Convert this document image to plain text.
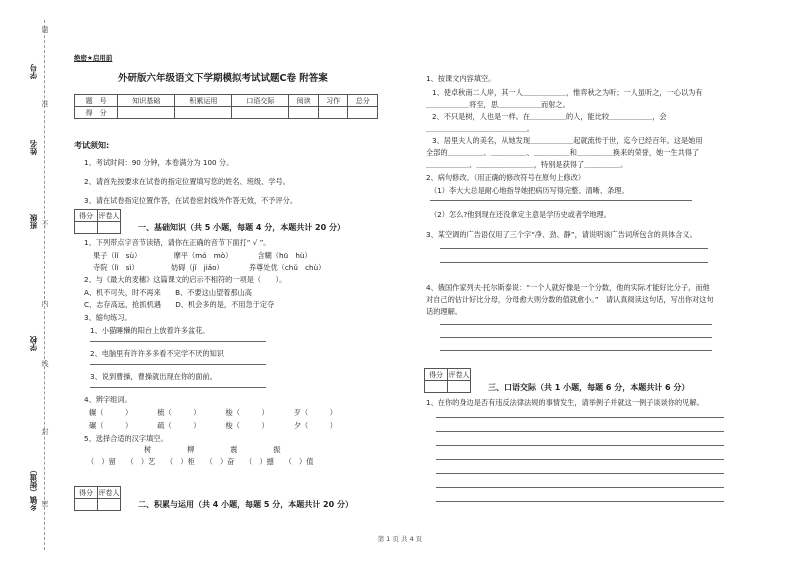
学号
姓名
班级
学校
乡镇（街道）
题
准
不
内
线
封
密
绝密★启用前
外研版六年级语文下学期模拟考试试题C卷 附答案
题　号	知识基础	积累运用	口语交际	阅读	习作	总分
得　分						
考试须知:
1、考试时间：90 分钟，本卷满分为 100 分。
2、请首先按要求在试卷的指定位置填写您的姓名、班级、学号。
3、请在试卷指定位置作答，在试卷密封线外作答无效，不予评分。
得分	评卷人

一、基础知识（共 5 小题，每题 4 分，本题共计 20 分）
1、下列带点字音节读错，请你在正确的音节下面打“ √ ”。
果子（lǐ　sù）　　　　　摩平（mó　mò）　　　　含糊（hū　hù）
寺院（lì　sì）　　　　　妨碍（jǐ　jiǎo）　　　　养尊处优（chǔ　chù）
2、与《最大的麦穗》这篇课文的启示不相符的一项是（　　）。
A、机不可失，时不再来　　B、不要这山望着那山高
C、志存高远，抢抓机遇　　D、机会多的是，不用急于定夺
3、缩句练习。
1、小猫睡懒的阳台上放着许多盆花。
2、电脑里有许许多多看不完学不厌的知识
3、说到曹操，曹操就出现在你的面前。
4、辨字组词。
辗（　　　）　　　　梳（　　　）　　　　梭（　　　）　　　　歹（　　　）
碾（　　　）　　　　疏（　　　）　　　　梭（　　　）　　　　夕（　　　）
5、选择合适的汉字填空。
树　　　　　柳　　　　　震　　　　　振
（　）留　　（　）艺　　（　）柜　　（　）奋　　（　）撼　　（　）值
得分	评卷人

二、积累与运用（共 4 小题，每题 5 分，本题共计 20 分）
1、按课文内容填空。
1、使卓秋南二人岸，其一人＿＿＿＿＿＿，惟弈秋之为听；一人虽听之，一心以为有
＿＿＿＿＿＿将至，思＿＿＿＿＿＿而射之。
2、不只是树，人也是一样。在＿＿＿＿＿的人，能比较＿＿＿＿＿＿，会
＿＿＿＿＿＿＿＿＿＿＿＿＿＿。
3、居里夫人的美名，从她发现＿＿＿＿＿＿起就流传于世，迄今已经百年。这是她用
全部的＿＿＿＿＿、＿＿＿＿＿、＿＿＿＿＿和＿＿＿＿＿换来的荣誉，她一生共得了
＿＿＿＿＿＿、＿＿＿＿＿＿＿＿，特别是获得了＿＿＿＿＿。
2、病句修改。（用正确的修改符号在原句上修改）
（1）李大大总是耐心地指导她把病历写得完整、清晰、条理。
（2）怎么?他到现在还没拿定主意是学历史或者学地理。
3、某空调的广告语仅用了三个字“净、劲、静”，请说明该广告词所包含的具体含义。
4、俄国作家列夫·托尔斯泰说：“一个人就好像是一个分数，他的实际才能好比分子，而他
对自己的估计好比分母，分母愈大则分数的值就愈小。”　请认真阅读这句话，写出你对这句
话的理解。
得分	评卷人

三、口语交际（共 1 小题，每题 6 分，本题共计 6 分）
1、在你的身边是否有违反法律法规的事情发生，请举例子并就这一例子谈谈你的见解。
第 1 页 共 4 页
